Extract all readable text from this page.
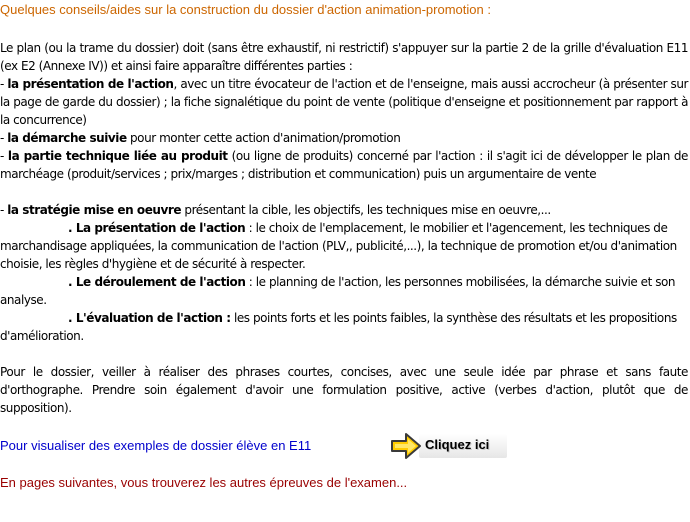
Quelques conseils/aides sur la construction du dossier d'action animation-promotion :
Le plan (ou la trame du dossier) doit (sans être exhaustif, ni restrictif) s'appuyer sur la partie 2 de la grille d'évaluation E11 (ex E2 (Annexe IV)) et ainsi faire apparaître différentes parties :
- la présentation de l'action, avec un titre évocateur de l'action et de l'enseigne, mais aussi accrocheur (à présenter sur la page de garde du dossier) ; la fiche signalétique du point de vente (politique d'enseigne et positionnement par rapport à la concurrence)
- la démarche suivie pour monter cette action d'animation/promotion
- la partie technique liée au produit (ou ligne de produits) concerné par l'action : il s'agit ici de développer le plan de marchéage (produit/services ; prix/marges ; distribution et communication) puis un argumentaire de vente
- la stratégie mise en oeuvre présentant la cible, les objectifs, les techniques mise en oeuvre,...
. La présentation de l'action : le choix de l'emplacement, le mobilier et l'agencement, les techniques de marchandisage appliquées, la communication de l'action (PLV,, publicité,...), la technique de promotion et/ou d'animation choisie, les règles d'hygiène et de sécurité à respecter.
. Le déroulement de l'action : le planning de l'action, les personnes mobilisées, la démarche suivie et son analyse.
. L'évaluation de l'action : les points forts et les points faibles, la synthèse des résultats et les propositions d'amélioration.
Pour le dossier, veiller à réaliser des phrases courtes, concises, avec une seule idée par phrase et sans faute d'orthographe. Prendre soin également d'avoir une formulation positive, active (verbes d'action, plutôt que de supposition).
Pour visualiser des exemples de dossier élève en E11	Cliquez ici
En pages suivantes, vous trouverez les autres épreuves de l'examen...
